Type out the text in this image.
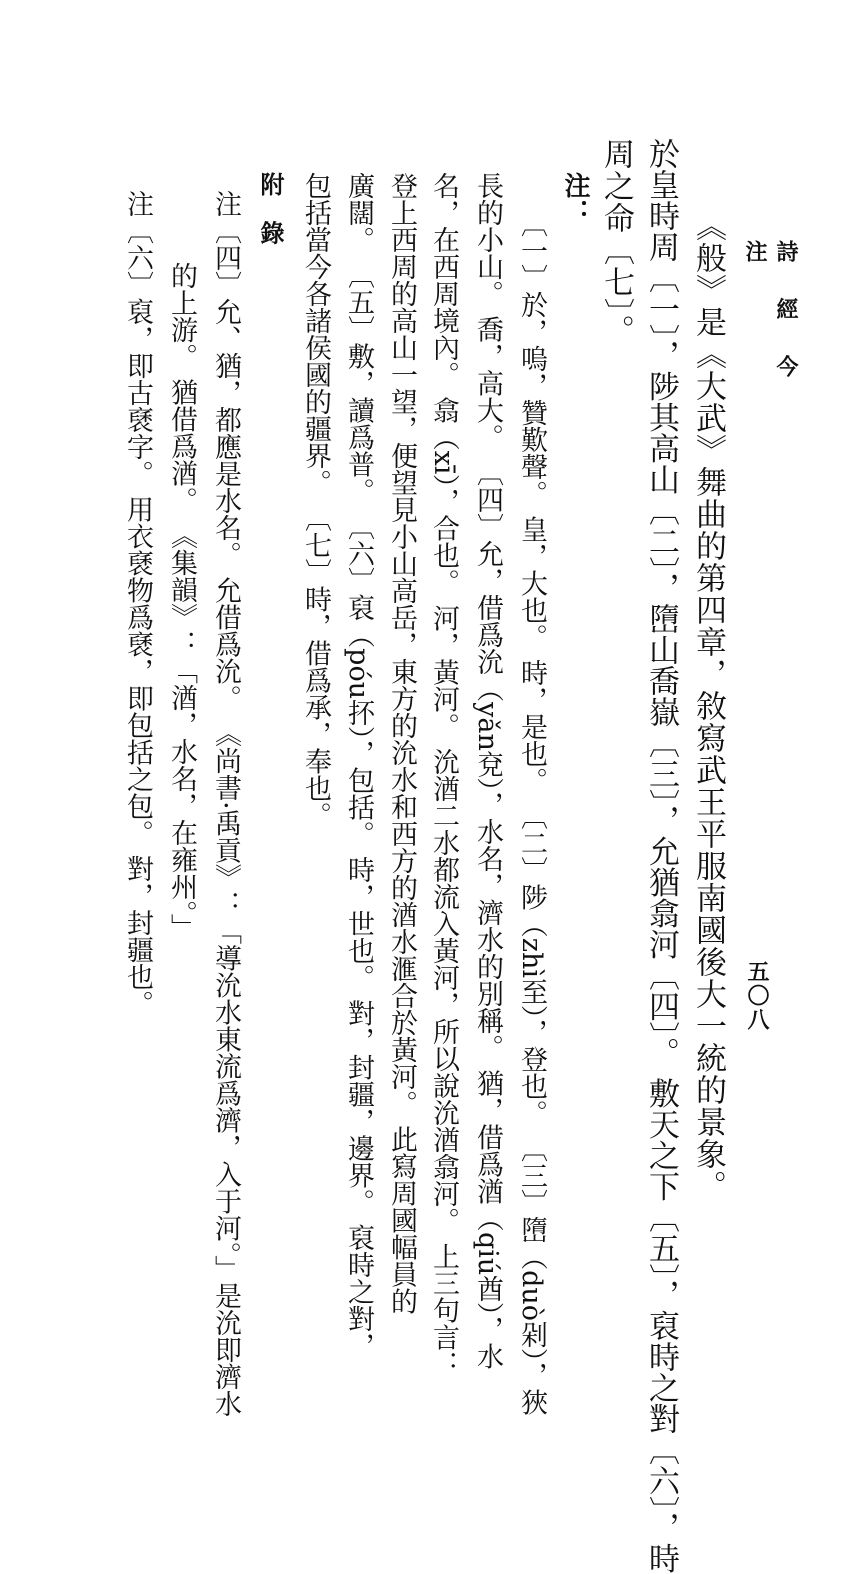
詩 經 今 注
五〇八
《般》是《大武》舞曲的第四章，敘寫武王平服南國後大一統的景象。
於皇時周〔一〕，陟其高山〔二〕，嶞山喬嶽〔三〕，允猶翕河〔四〕。 敷天之下〔五〕，裒時之對〔六〕，時
周之命〔七〕。
注：
〔一〕於，嗚，贊歎聲。 皇，大也。 時，是也。 〔二〕陟（zhì至），登也。 〔三〕嶞（duò剁），狹
長的小山。 喬，高大。 〔四〕允，借爲沇（yǎn兗），水名，濟水的別稱。 猶，借爲湭（qiú酋），水
名，在西周境內。 翕（xī），合也。 河，黃河。 沇湭二水都流入黃河，所以說沇湭翕河。 上三句言：
登上西周的高山一望，便望見小山高岳，東方的沇水和西方的湭水滙合於黃河。 此寫周國幅員的
廣闊。 〔五〕敷，讀爲普。 〔六〕裒（póu抔），包括。 時，世也。 對，封疆，邊界。 裒時之對，
包括當今各諸侯國的疆界。 〔七〕時，借爲承，奉也。
附 錄
注〔四〕允、猶，都應是水名。 允借爲沇。 《尚書·禹貢》：「導沇水東流爲濟，入于河。」是沇即濟水
的上游。 猶借爲湭。 《集韻》：「湭，水名，在雍州。」
注〔六〕裒，即古褎字。 用衣褎物爲褎，即包括之包。 對，封疆也。
